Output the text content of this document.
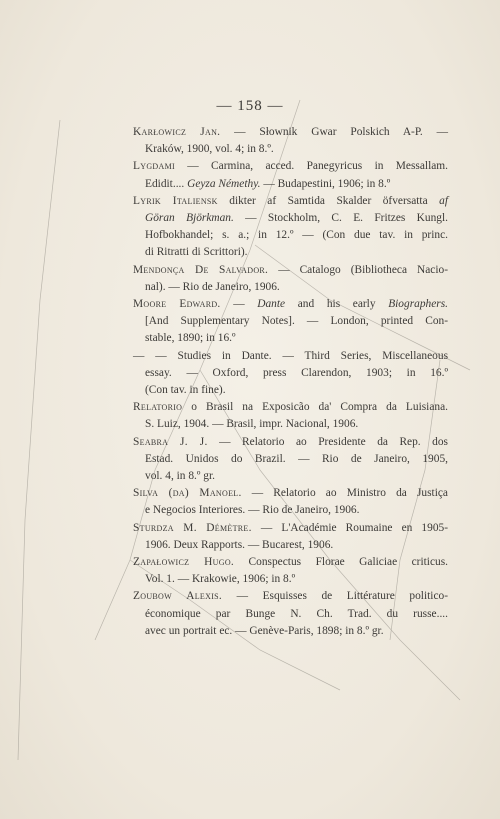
— 158 —

Karłowicz Jan. — Słownik Gwar Polskich A-P. —
Kraków, 1900, vol. 4; in 8.º.

Lygdami — Carmina, acced. Panegyricus in Messallam.
Edidit.... Geyza Némethy. — Budapestini, 1906; in 8.º

Lyrik Italiensk dikter af Samtida Skalder öfversatta af
Göran Björkman. — Stockholm, C. E. Fritzes Kungl.
Hofbokhandel; s. a.; in 12.º — (Con due tav. in princ.
di Ritratti di Scrittori).

Mendonça De Salvador. — Catalogo (Bibliotheca Nacio-
nal). — Rio de Janeiro, 1906.

Moore Edward. — Dante and his early Biographers.
[And Supplementary Notes]. — London, printed Con-
stable, 1890; in 16.º

— — Studies in Dante. — Third Series, Miscellaneous
essay. — Oxford, press Clarendon, 1903; in 16.º
(Con tav. in fine).

Relatorio o Brasil na Exposicão da' Compra da Luisiana.
S. Luiz, 1904. — Brasil, impr. Nacional, 1906.

Seabra J. J. — Relatorio ao Presidente da Rep. dos
Estad. Unidos do Brazil. — Rio de Janeiro, 1905,
vol. 4, in 8.º gr.

Silva (da) Manoel. — Relatorio ao Ministro da Justiça
e Negocios Interiores. — Rio de Janeiro, 1906.

Sturdza M. Démètre. — L'Académie Roumaine en 1905-
1906. Deux Rapports. — Bucarest, 1906.

Zapałowicz Hugo. Conspectus Florae Galiciae criticus.
Vol. 1. — Krakowie, 1906; in 8.º

Zoubow Alexis. — Esquisses de Littérature politico-
économique par Bunge N. Ch. Trad. du russe....
avec un portrait ec. — Genève-Paris, 1898; in 8.º gr.
